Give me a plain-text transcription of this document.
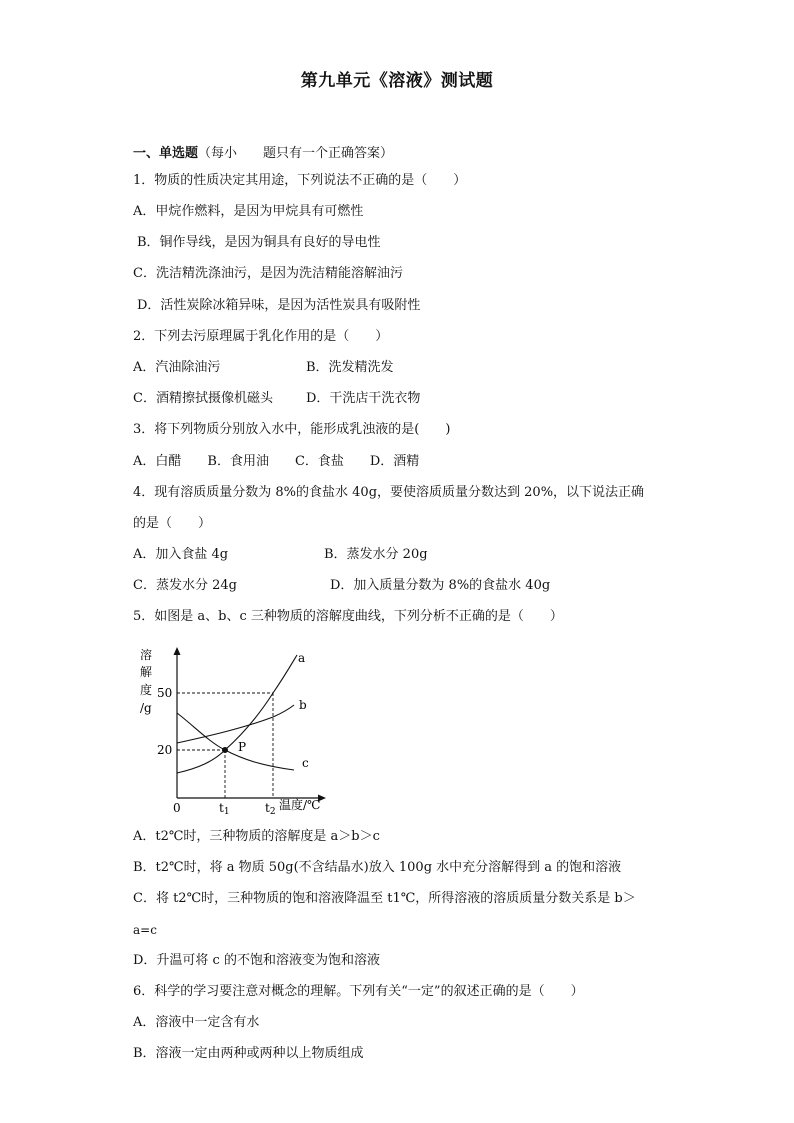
第九单元《溶液》测试题
一、单选题（每小　　题只有一个正确答案）
1．物质的性质决定其用途，下列说法不正确的是（　　）
A．甲烷作燃料，是因为甲烷具有可燃性
B．铜作导线，是因为铜具有良好的导电性
C．洗洁精洗涤油污，是因为洗洁精能溶解油污
D．活性炭除冰箱异味，是因为活性炭具有吸附性
2．下列去污原理属于乳化作用的是（　　）
A．汽油除油污	B．洗发精洗发
C．酒精擦拭摄像机磁头	D．干洗店干洗衣物
3．将下列物质分别放入水中，能形成乳浊液的是(　　)
A．白醋　　B．食用油　　C．食盐　　D．酒精
4．现有溶质质量分数为 8%的食盐水 40g，要使溶质质量分数达到 20%，以下说法正确
的是（　　）
A．加入食盐 4g	B．蒸发水分 20g
C．蒸发水分 24g	D．加入质量分数为 8%的食盐水 40g
5．如图是 a、b、c 三种物质的溶解度曲线，下列分析不正确的是（　　）
溶
解
度
/g
50
20
0	t1	t2 温度/℃
P
a
b
c
A．t2℃时，三种物质的溶解度是 a＞b＞c
B．t2℃时，将 a 物质 50g(不含结晶水)放入 100g 水中充分溶解得到 a 的饱和溶液
C．将 t2℃时，三种物质的饱和溶液降温至 t1℃，所得溶液的溶质质量分数关系是 b＞
a=c
D．升温可将 c 的不饱和溶液变为饱和溶液
6．科学的学习要注意对概念的理解。下列有关“一定”的叙述正确的是（　　）
A．溶液中一定含有水
B．溶液一定由两种或两种以上物质组成
